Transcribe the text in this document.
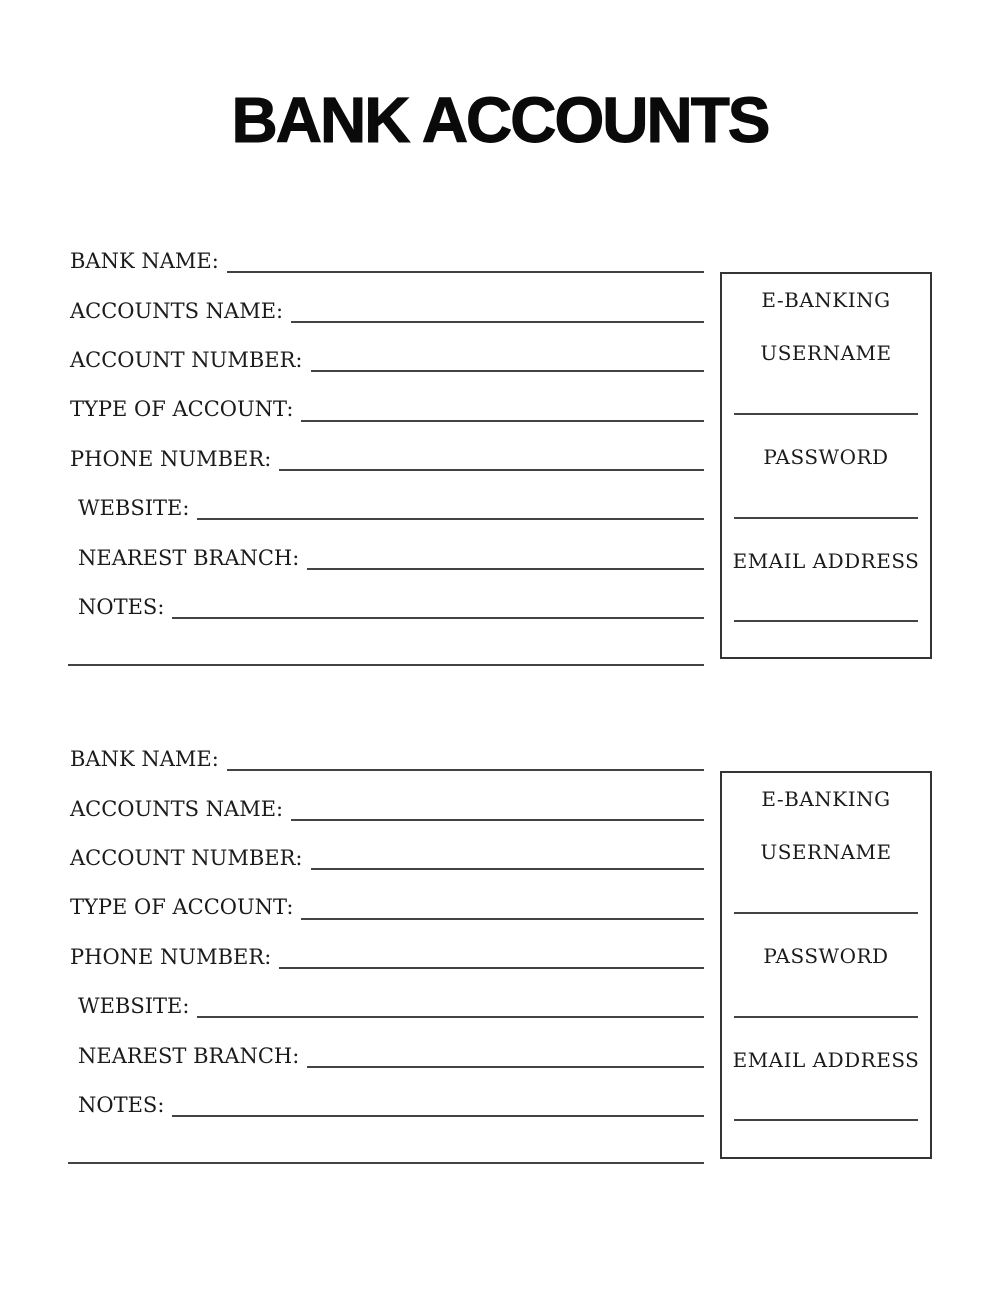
BANK ACCOUNTS
BANK NAME:
ACCOUNTS NAME:
ACCOUNT NUMBER:
TYPE OF ACCOUNT:
PHONE NUMBER:
WEBSITE:
NEAREST BRANCH:
NOTES:
E-BANKING
USERNAME
PASSWORD
EMAIL ADDRESS
BANK NAME:
ACCOUNTS NAME:
ACCOUNT NUMBER:
TYPE OF ACCOUNT:
PHONE NUMBER:
WEBSITE:
NEAREST BRANCH:
NOTES:
E-BANKING
USERNAME
PASSWORD
EMAIL ADDRESS
